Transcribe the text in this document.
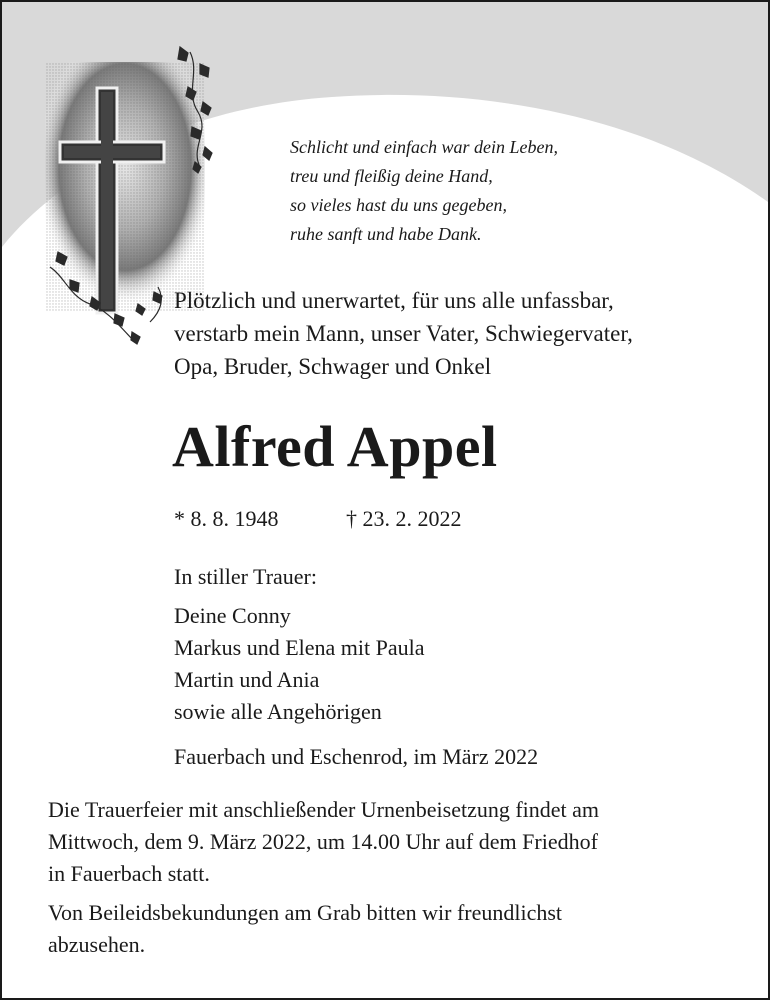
Schlicht und einfach war dein Leben,
treu und fleißig deine Hand,
so vieles hast du uns gegeben,
ruhe sanft und habe Dank.
Plötzlich und unerwartet, für uns alle unfassbar,
verstarb mein Mann, unser Vater, Schwiegervater,
Opa, Bruder, Schwager und Onkel
Alfred Appel
* 8. 8. 1948	† 23. 2. 2022
In stiller Trauer:
Deine Conny
Markus und Elena mit Paula
Martin und Ania
sowie alle Angehörigen
Fauerbach und Eschenrod, im März 2022
Die Trauerfeier mit anschließender Urnenbeisetzung findet am
Mittwoch, dem 9. März 2022, um 14.00 Uhr auf dem Friedhof
in Fauerbach statt.
Von Beileidsbekundungen am Grab bitten wir freundlichst
abzusehen.
